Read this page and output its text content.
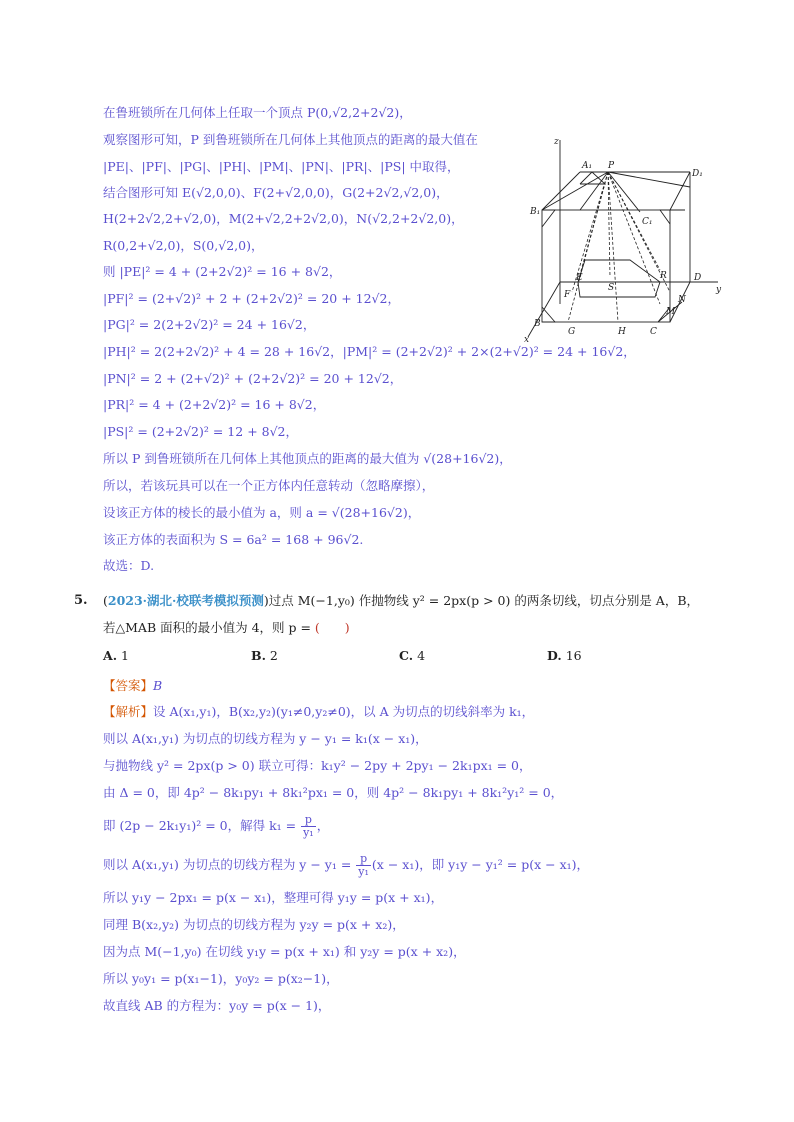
在鲁班锁所在几何体上任取一个顶点 P(0,√2,2+2√2)，
观察图形可知，P 到鲁班锁所在几何体上其他顶点的距离的最大值在
|PE|、|PF|、|PG|、|PH|、|PM|、|PN|、|PR|、|PS| 中取得，
结合图形可知 E(√2,0,0)、F(2+√2,0,0)，G(2+2√2,√2,0)，
H(2+2√2,2+√2,0)，M(2+√2,2+2√2,0)，N(√2,2+2√2,0)，
R(0,2+√2,0)，S(0,√2,0)，
则 |PE|² = 4 + (2+2√2)² = 16 + 8√2，
|PF|² = (2+√2)² + 2 + (2+2√2)² = 20 + 12√2，
|PG|² = 2(2+2√2)² = 24 + 16√2，
|PH|² = 2(2+2√2)² + 4 = 28 + 16√2，|PM|² = (2+2√2)² + 2×(2+√2)² = 24 + 16√2，
|PN|² = 2 + (2+√2)² + (2+2√2)² = 20 + 12√2，
|PR|² = 4 + (2+2√2)² = 16 + 8√2，
|PS|² = (2+2√2)² = 12 + 8√2，
所以 P 到鲁班锁所在几何体上其他顶点的距离的最大值为 √(28+16√2)，
所以，若该玩具可以在一个正方体内任意转动（忽略摩擦），
设该正方体的棱长的最小值为 a，则 a = √(28+16√2)，
该正方体的表面积为 S = 6a² = 168 + 96√2.
故选：D.
z
y
x
A₁ P
D₁
B₁
C₁
B
G	H	C
D
F
E
S
R
N
M
5. (2023·湖北·校联考模拟预测)过点 M(−1,y₀) 作抛物线 y² = 2px(p > 0) 的两条切线，切点分别是 A，B，
若△MAB 面积的最小值为 4，则 p = (　　)
A. 1	B. 2	C. 4	D. 16
【答案】B
【解析】设 A(x₁,y₁)，B(x₂,y₂)(y₁≠0,y₂≠0)，以 A 为切点的切线斜率为 k₁，
则以 A(x₁,y₁) 为切点的切线方程为 y − y₁ = k₁(x − x₁)，
与抛物线 y² = 2px(p > 0) 联立可得：k₁y² − 2py + 2py₁ − 2k₁px₁ = 0，
由 Δ = 0，即 4p² − 8k₁py₁ + 8k₁²px₁ = 0，则 4p² − 8k₁py₁ + 8k₁²y₁² = 0，
即 (2p − 2k₁y₁)² = 0，解得 $k_1 = \frac{p}{\text{y₁}}$ ，
则以 A(x₁,y₁) 为切点的切线方程为 $y - y_1 = \frac{p}{\text{y₁}} (x - x_1)$，即 y₁y − y₁² = p(x − x₁)，
所以 y₁y − 2px₁ = p(x − x₁)，整理可得 y₁y = p(x + x₁)，
同理 B(x₂,y₂) 为切点的切线方程为 y₂y = p(x + x₂)，
因为点 M(−1,y₀) 在切线 y₁y = p(x + x₁) 和 y₂y = p(x + x₂)，
所以 y₀y₁ = p(x₁−1)，y₀y₂ = p(x₂−1)，
故直线 AB 的方程为：y₀y = p(x − 1)，
